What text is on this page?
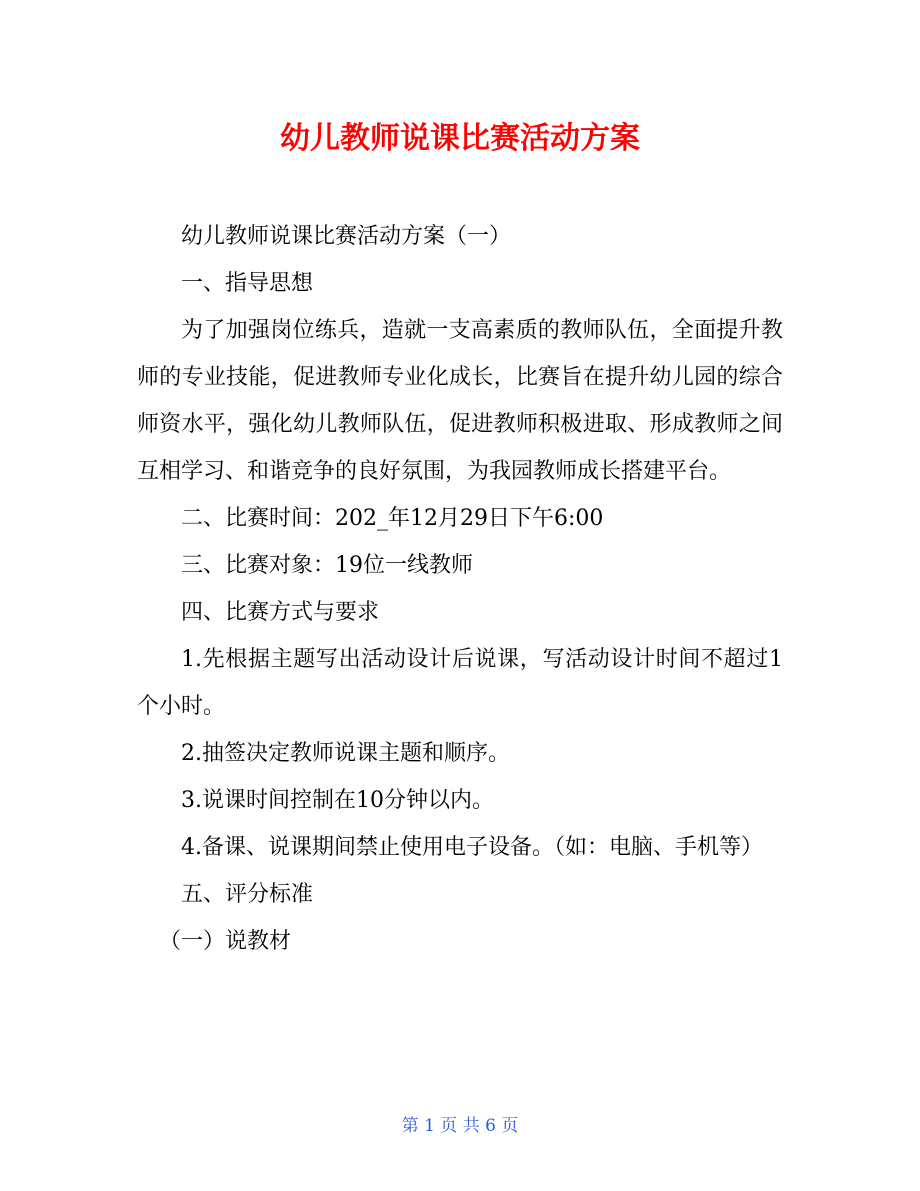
幼儿教师说课比赛活动方案

幼儿教师说课比赛活动方案（一）

一、指导思想

为了加强岗位练兵，造就一支高素质的教师队伍，全面提升教师的专业技能，促进教师专业化成长，比赛旨在提升幼儿园的综合师资水平，强化幼儿教师队伍，促进教师积极进取、形成教师之间互相学习、和谐竞争的良好氛围，为我园教师成长搭建平台。

二、比赛时间：202_年12月29日下午6:00

三、比赛对象：19位一线教师

四、比赛方式与要求

1.先根据主题写出活动设计后说课，写活动设计时间不超过1个小时。

2.抽签决定教师说课主题和顺序。

3.说课时间控制在10分钟以内。

4.备课、说课期间禁止使用电子设备。（如：电脑、手机等）

五、评分标准

（一）说教材

第 1 页 共 6 页
